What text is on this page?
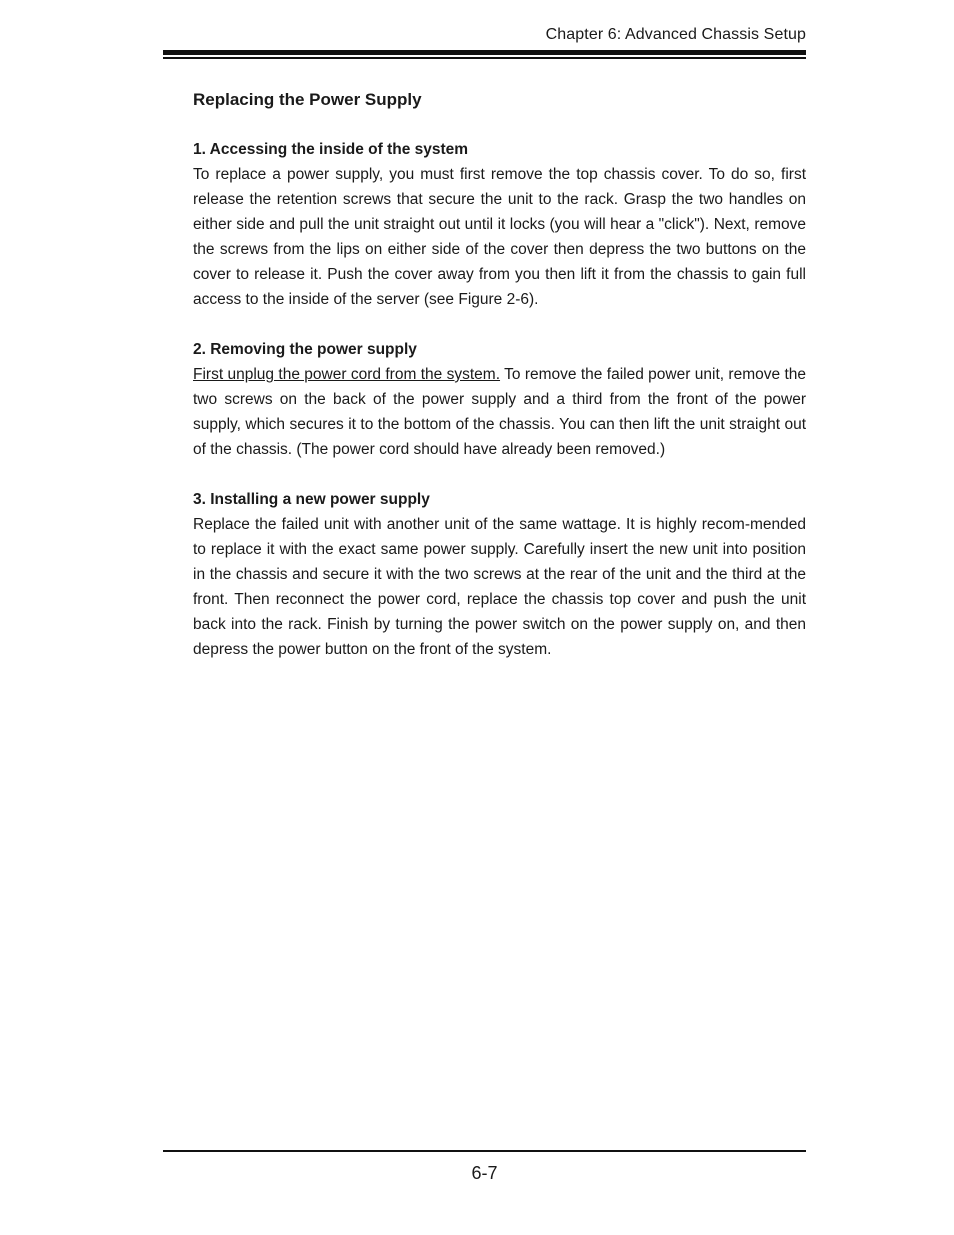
Chapter 6: Advanced Chassis Setup
Replacing the Power Supply

1. Accessing the inside of the system

To replace a power supply, you must first remove the top chassis cover. To do so, first release the retention screws that secure the unit to the rack. Grasp the two handles on either side and pull the unit straight out until it locks (you will hear a "click"). Next, remove the screws from the lips on either side of the cover then depress the two buttons on the cover to release it. Push the cover away from you then lift it from the chassis to gain full access to the inside of the server (see Figure 2-6).

2. Removing the power supply

First unplug the power cord from the system. To remove the failed power unit, remove the two screws on the back of the power supply and a third from the front of the power supply, which secures it to the bottom of the chassis. You can then lift the unit straight out of the chassis. (The power cord should have already been removed.)

3. Installing a new power supply

Replace the failed unit with another unit of the same wattage. It is highly recom-mended to replace it with the exact same power supply. Carefully insert the new unit into position in the chassis and secure it with the two screws at the rear of the unit and the third at the front. Then reconnect the power cord, replace the chassis top cover and push the unit back into the rack. Finish by turning the power switch on the power supply on, and then depress the power button on the front of the system.

6-7
